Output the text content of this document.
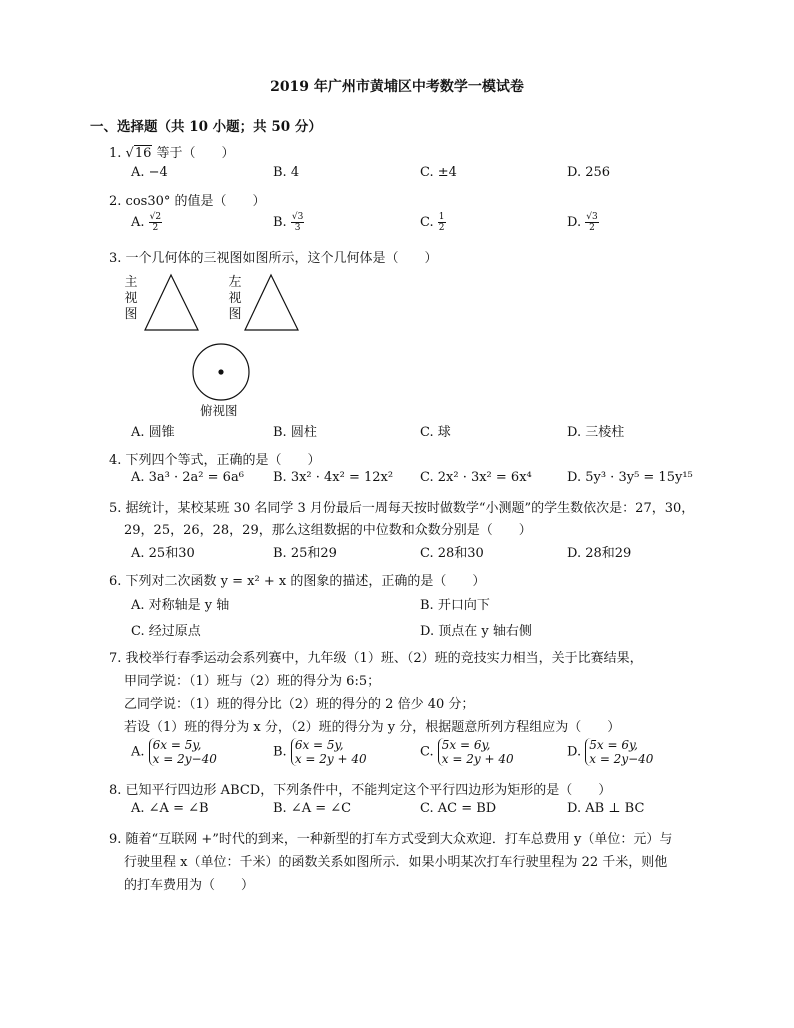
2019 年广州市黄埔区中考数学一模试卷
一、选择题（共 10 小题；共 50 分）
1. √16 等于（　　）
A. −4	B. 4	C. ±4	D. 256
2. cos30° 的值是（　　）
A. $\frac{√2}{2}$	B. $\frac{√3}{3}$	C. $\frac{1}{2}$	D. $\frac{√3}{2}$
3. 一个几何体的三视图如图所示，这个几何体是（　　）
主视图
左视图
俯视图
A. 圆锥	B. 圆柱	C. 球	D. 三棱柱
4. 下列四个等式，正确的是（　　）
A. 3a³ · 2a² = 6a⁶ B. 3x² · 4x² = 12x² C. 2x² · 3x² = 6x⁴	D. 5y³ · 3y⁵ = 15y¹⁵
5. 据统计，某校某班 30 名同学 3 月份最后一周每天按时做数学“小测题”的学生数依次是：27，30，
29，25，26，28，29，那么这组数据的中位数和众数分别是（　　）
A. 25和30	B. 25和29	C. 28和30	D. 28和29
6. 下列对二次函数 y = x² + x 的图象的描述，正确的是（　　）
A. 对称轴是 y 轴	B. 开口向下
C. 经过原点	D. 顶点在 y 轴右侧
7. 我校举行春季运动会系列赛中，九年级（1）班、（2）班的竞技实力相当，关于比赛结果，
甲同学说：（1）班与（2）班的得分为 6:5；
乙同学说：（1）班的得分比（2）班的得分的 2 倍少 40 分；
若设（1）班的得分为 x 分，（2）班的得分为 y 分，根据题意所列方程组应为（　　）
A. 6x = 5y,
x = 2y−40	B. 6x = 5y,
x = 2y + 40	C. 5x = 6y,
x = 2y + 40	D. 5x = 6y,
x = 2y−40
8. 已知平行四边形 ABCD，下列条件中，不能判定这个平行四边形为矩形的是（　　）
A. ∠A = ∠B	B. ∠A = ∠C	C. AC = BD	D. AB ⊥ BC
9. 随着“互联网 +”时代的到来，一种新型的打车方式受到大众欢迎．打车总费用 y（单位：元）与
行驶里程 x（单位：千米）的函数关系如图所示．如果小明某次打车行驶里程为 22 千米，则他
的打车费用为（　　）
